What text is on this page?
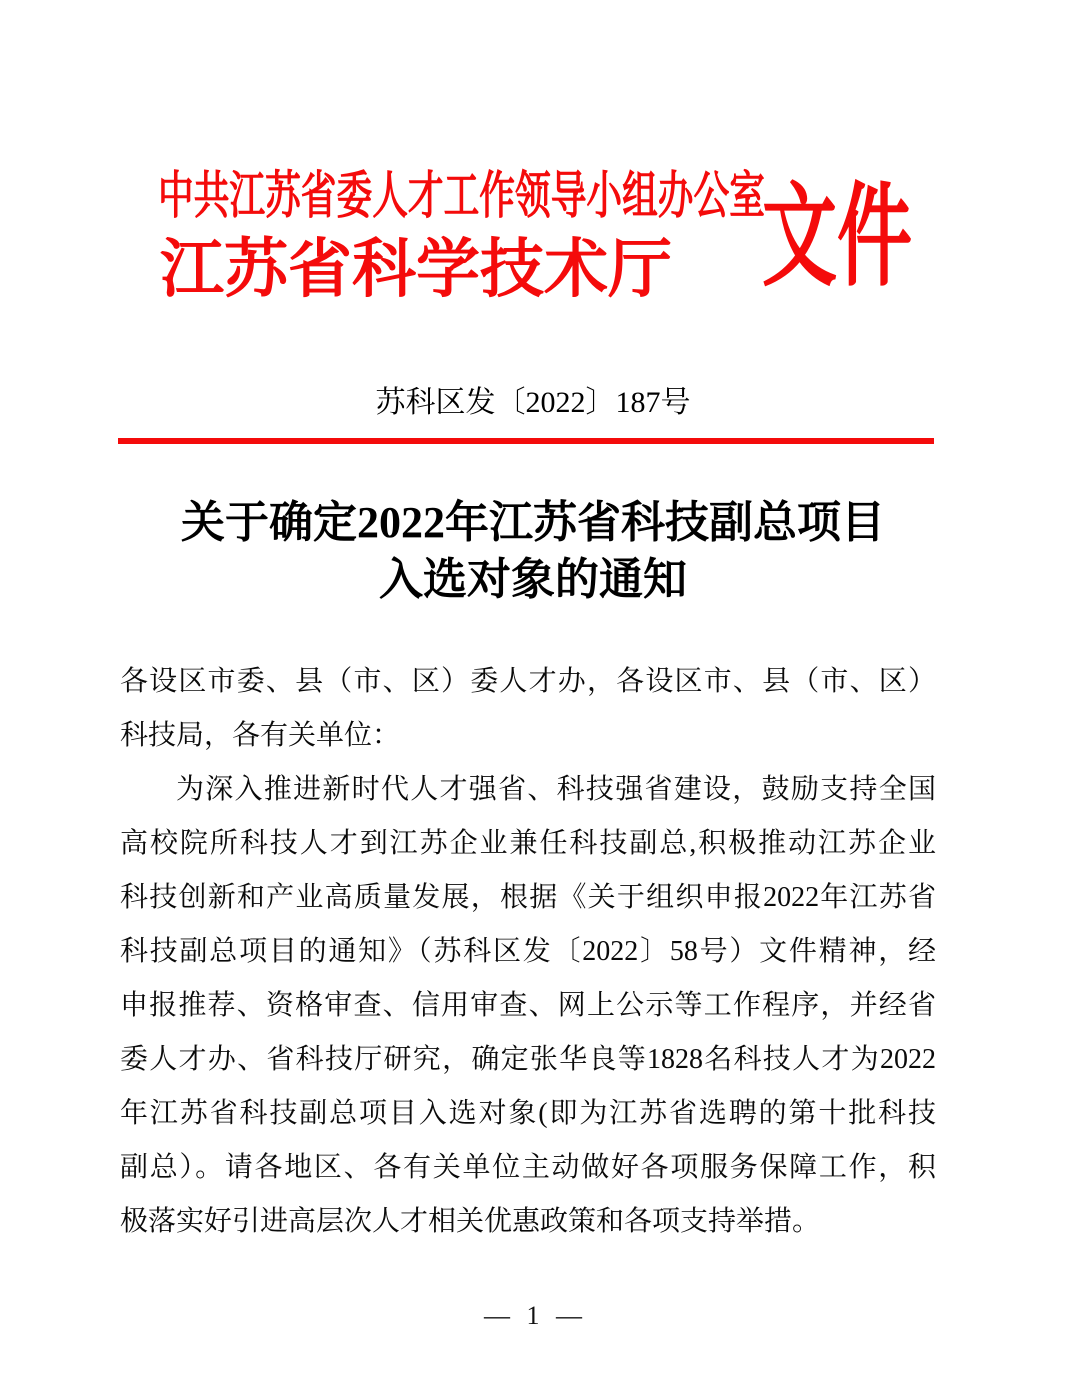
中共江苏省委人才工作领导小组办公室
江苏省科学技术厅 文件
苏科区发〔2022〕187号
关于确定2022年江苏省科技副总项目
入选对象的通知
各设区市委、县（市、区）委人才办，各设区市、县（市、区）
科技局，各有关单位：
为深入推进新时代人才强省、科技强省建设，鼓励支持全国
高校院所科技人才到江苏企业兼任科技副总,积极推动江苏企业
科技创新和产业高质量发展，根据《关于组织申报2022年江苏省
科技副总项目的通知》（苏科区发〔2022〕58号）文件精神，经
申报推荐、资格审查、信用审查、网上公示等工作程序，并经省
委人才办、省科技厅研究，确定张华良等1828名科技人才为2022
年江苏省科技副总项目入选对象(即为江苏省选聘的第十批科技
副总）。请各地区、各有关单位主动做好各项服务保障工作，积
极落实好引进高层次人才相关优惠政策和各项支持举措。
— 1 —
